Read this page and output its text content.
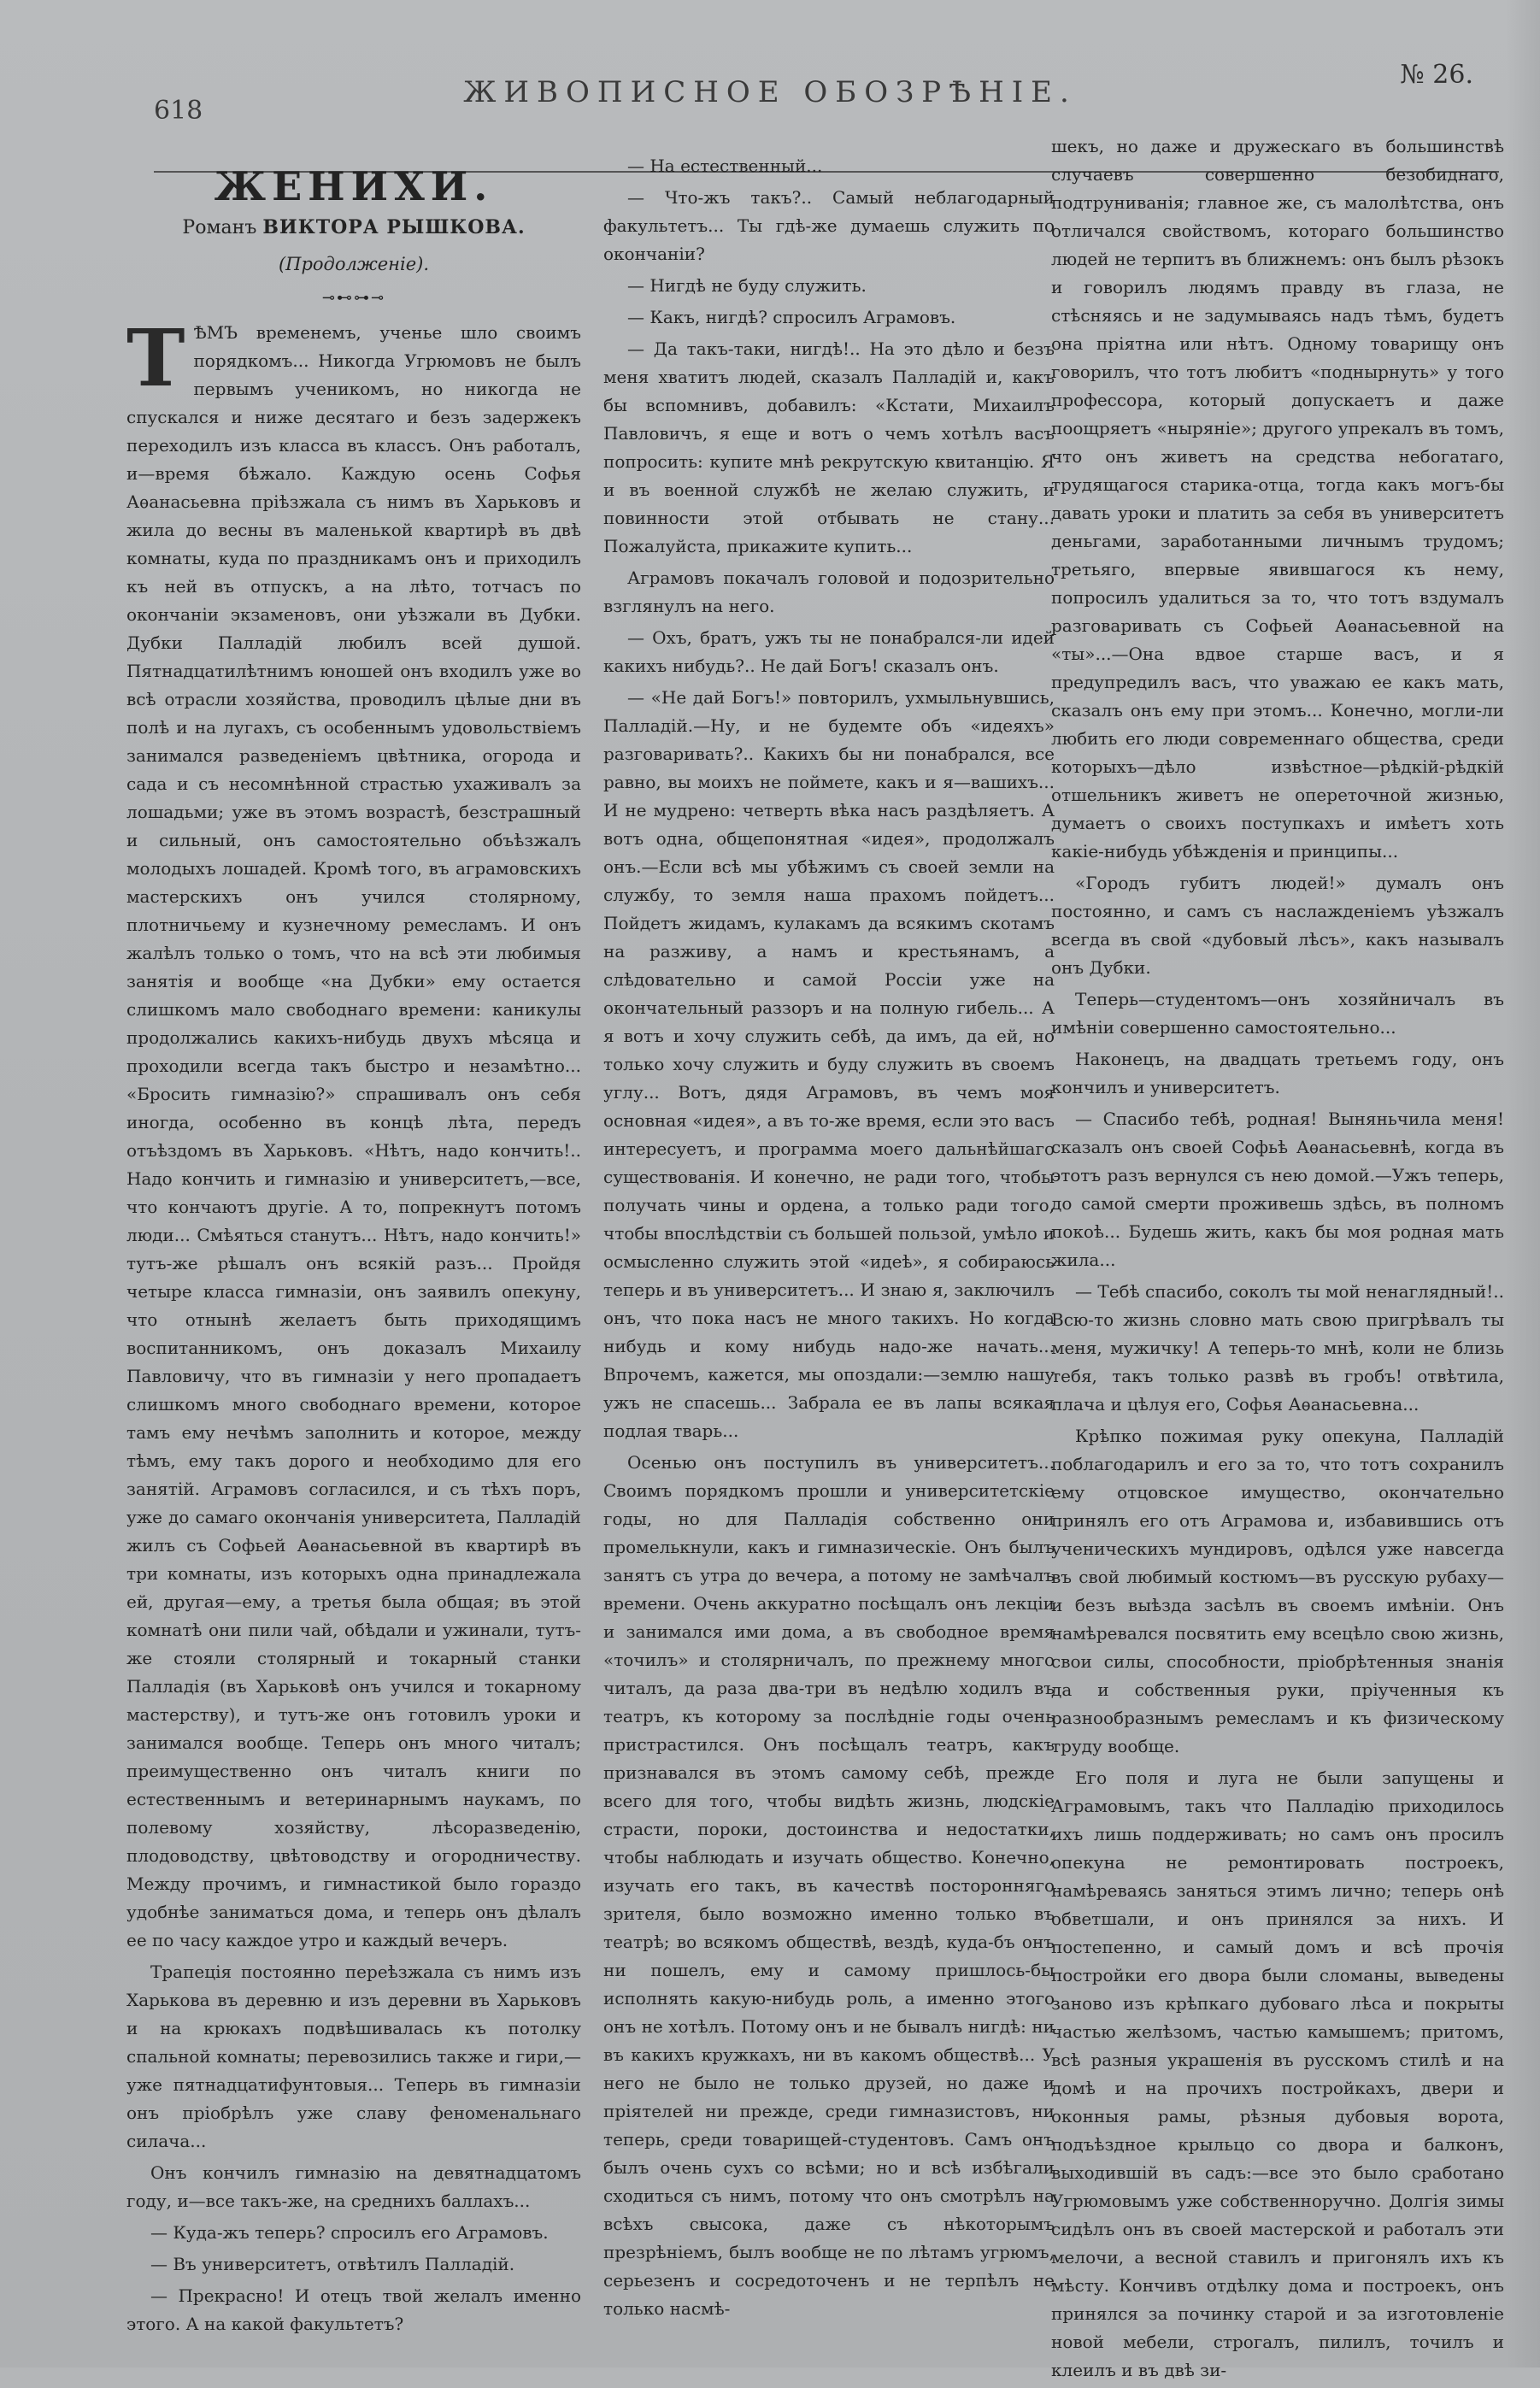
618
ЖИВОПИСНОЕ ОБОЗРѢНIЕ.
№ 26.
ЖЕНИХИ.
Романъ ВИКТОРА РЫШКОВА.
(Продолженіе).
⊸⊷⊶⊸

ТѢМЪ временемъ, ученье шло своимъ порядкомъ... Никогда Угрюмовъ не былъ первымъ ученикомъ, но никогда не спускался и ниже десятаго и безъ задержекъ переходилъ изъ класса въ классъ. Онъ работалъ, и—время бѣжало. Каждую осень Софья Аѳанасьевна пріѣзжала съ нимъ въ Харьковъ и жила до весны въ маленькой квартирѣ въ двѣ комнаты, куда по праздникамъ онъ и приходилъ къ ней въ отпускъ, а на лѣто, тотчасъ по окончаніи экзаменовъ, они уѣзжали въ Дубки. Дубки Палладій любилъ всей душой. Пятнадцатилѣтнимъ юношей онъ входилъ уже во всѣ отрасли хозяйства, проводилъ цѣлые дни въ полѣ и на лугахъ, съ особеннымъ удовольствіемъ занимался разведеніемъ цвѣтника, огорода и сада и съ несомнѣнной страстью ухаживалъ за лошадьми; уже въ этомъ возрастѣ, безстрашный и сильный, онъ самостоятельно объѣзжалъ молодыхъ лошадей. Кромѣ того, въ аграмовскихъ мастерскихъ онъ учился столярному, плотничьему и кузнечному ремесламъ. И онъ жалѣлъ только о томъ, что на всѣ эти любимыя занятія и вообще «на Дубки» ему остается слишкомъ мало свободнаго времени: каникулы продолжались какихъ-нибудь двухъ мѣсяца и проходили всегда такъ быстро и незамѣтно... «Бросить гимназію?» спрашивалъ онъ себя иногда, особенно въ концѣ лѣта, передъ отъѣздомъ въ Харьковъ. «Нѣтъ, надо кончить!.. Надо кончить и гимназію и университетъ,—все, что кончаютъ другіе. А то, попрекнутъ потомъ люди... Смѣяться станутъ... Нѣтъ, надо кончить!» тутъ-же рѣшалъ онъ всякій разъ... Пройдя четыре класса гимназіи, онъ заявилъ опекуну, что отнынѣ желаетъ быть приходящимъ воспитанникомъ, онъ доказалъ Михаилу Павловичу, что въ гимназіи у него пропадаетъ слишкомъ много свободнаго времени, которое тамъ ему нечѣмъ заполнить и которое, между тѣмъ, ему такъ дорого и необходимо для его занятій. Аграмовъ согласился, и съ тѣхъ поръ, уже до самаго окончанія университета, Палладій жилъ съ Софьей Аѳанасьевной въ квартирѣ въ три комнаты, изъ которыхъ одна принадлежала ей, другая—ему, а третья была общая; въ этой комнатѣ они пили чай, обѣдали и ужинали, тутъ-же стояли столярный и токарный станки Палладія (въ Харьковѣ онъ учился и токарному мастерству), и тутъ-же онъ готовилъ уроки и занимался вообще. Теперь онъ много читалъ; преимущественно онъ читалъ книги по естественнымъ и ветеринарнымъ наукамъ, по полевому хозяйству, лѣсоразведенію, плодоводству, цвѣтоводству и огородничеству. Между прочимъ, и гимнастикой было гораздо удобнѣе заниматься дома, и теперь онъ дѣлалъ ее по часу каждое утро и каждый вечеръ.

Трапеція постоянно переѣзжала съ нимъ изъ Харькова въ деревню и изъ деревни въ Харьковъ и на крюкахъ подвѣшивалась къ потолку спальной комнаты; перевозились также и гири,—уже пятнадцатифунтовыя... Теперь въ гимназіи онъ пріобрѣлъ уже славу феноменальнаго силача...

Онъ кончилъ гимназію на девятнадцатомъ году, и—все такъ-же, на среднихъ баллахъ...

— Куда-жъ теперь? спросилъ его Аграмовъ.

— Въ университетъ, отвѣтилъ Палладій.

— Прекрасно! И отецъ твой желалъ именно этого. А на какой факультетъ?

— На естественный...

— Что-жъ такъ?.. Самый неблагодарный факультетъ... Ты гдѣ-же думаешь служить по окончаніи?

— Нигдѣ не буду служить.

— Какъ, нигдѣ? спросилъ Аграмовъ.

— Да такъ-таки, нигдѣ!.. На это дѣло и безъ меня хватитъ людей, сказалъ Палладій и, какъ бы вспомнивъ, добавилъ: «Кстати, Михаилъ Павловичъ, я еще и вотъ о чемъ хотѣлъ васъ попросить: купите мнѣ рекрутскую квитанцію. Я и въ военной службѣ не желаю служить, и повинности этой отбывать не стану... Пожалуйста, прикажите купить...

Аграмовъ покачалъ головой и подозрительно взглянулъ на него.

— Охъ, братъ, ужъ ты не понабрался-ли идей какихъ нибудь?.. Не дай Богъ! сказалъ онъ.

— «Не дай Богъ!» повторилъ, ухмыльнувшись, Палладій.—Ну, и не будемте объ «идеяхъ» разговаривать?.. Какихъ бы ни понабрался, все равно, вы моихъ не поймете, какъ и я—вашихъ... И не мудрено: четверть вѣка насъ раздѣляетъ. А вотъ одна, общепонятная «идея», продолжалъ онъ.—Если всѣ мы убѣжимъ съ своей земли на службу, то земля наша прахомъ пойдетъ... Пойдетъ жидамъ, кулакамъ да всякимъ скотамъ на разживу, а намъ и крестьянамъ, а слѣдовательно и самой Россіи уже на окончательный раззоръ и на полную гибель... А я вотъ и хочу служить себѣ, да имъ, да ей, но только хочу служить и буду служить въ своемъ углу... Вотъ, дядя Аграмовъ, въ чемъ моя основная «идея», а въ то-же время, если это васъ интересуетъ, и программа моего дальнѣйшаго существованія. И конечно, не ради того, чтобы получать чины и ордена, а только ради того, чтобы впослѣдствіи съ большей пользой, умѣло и осмысленно служить этой «идеѣ», я собираюсь теперь и въ университетъ... И знаю я, заключилъ онъ, что пока насъ не много такихъ. Но когда нибудь и кому нибудь надо-же начать... Впрочемъ, кажется, мы опоздали:—землю нашу ужъ не спасешь... Забрала ее въ лапы всякая подлая тварь...

Осенью онъ поступилъ въ университетъ... Своимъ порядкомъ прошли и университетскіе годы, но для Палладія собственно они промелькнули, какъ и гимназическіе. Онъ былъ занятъ съ утра до вечера, а потому не замѣчалъ времени. Очень аккуратно посѣщалъ онъ лекціи и занимался ими дома, а въ свободное время «точилъ» и столярничалъ, по прежнему много читалъ, да раза два-три въ недѣлю ходилъ въ театръ, къ которому за послѣдніе годы очень пристрастился. Онъ посѣщалъ театръ, какъ признавался въ этомъ самому себѣ, прежде всего для того, чтобы видѣть жизнь, людскіе страсти, пороки, достоинства и недостатки, чтобы наблюдать и изучать общество. Конечно, изучать его такъ, въ качествѣ посторонняго зрителя, было возможно именно только въ театрѣ; во всякомъ обществѣ, вездѣ, куда-бъ онъ ни пошелъ, ему и самому пришлось-бы исполнять какую-нибудь роль, а именно этого онъ не хотѣлъ. Потому онъ и не бывалъ нигдѣ: ни въ какихъ кружкахъ, ни въ какомъ обществѣ... У него не было не только друзей, но даже и пріятелей ни прежде, среди гимназистовъ, ни теперь, среди товарищей-студентовъ. Самъ онъ былъ очень сухъ со всѣми; но и всѣ избѣгали сходиться съ нимъ, потому что онъ смотрѣлъ на всѣхъ свысока, даже съ нѣкоторымъ презрѣніемъ, былъ вообще не по лѣтамъ угрюмъ, серьезенъ и сосредоточенъ и не терпѣлъ не только насмѣ-

шекъ, но даже и дружескаго въ большинствѣ случаевъ совершенно безобиднаго, подтруниванія; главное же, съ малолѣтства, онъ отличался свойствомъ, котораго большинство людей не терпитъ въ ближнемъ: онъ былъ рѣзокъ и говорилъ людямъ правду въ глаза, не стѣсняясь и не задумываясь надъ тѣмъ, будетъ она пріятна или нѣтъ. Одному товарищу онъ говорилъ, что тотъ любитъ «поднырнуть» у того профессора, который допускаетъ и даже поощряетъ «ныряніе»; другого упрекалъ въ томъ, что онъ живетъ на средства небогатаго, трудящагося старика-отца, тогда какъ могъ-бы давать уроки и платить за себя въ университетъ деньгами, заработанными личнымъ трудомъ; третьяго, впервые явившагося къ нему, попросилъ удалиться за то, что тотъ вздумалъ разговаривать съ Софьей Аѳанасьевной на «ты»...—Она вдвое старше васъ, и я предупредилъ васъ, что уважаю ее какъ мать, сказалъ онъ ему при этомъ... Конечно, могли-ли любить его люди современнаго общества, среди которыхъ—дѣло извѣстное—рѣдкій-рѣдкій отшельникъ живетъ не опереточной жизнью, думаетъ о своихъ поступкахъ и имѣетъ хоть какіе-нибудь убѣжденія и принципы...

«Городъ губитъ людей!» думалъ онъ постоянно, и самъ съ наслажденіемъ уѣзжалъ всегда въ свой «дубовый лѣсъ», какъ называлъ онъ Дубки.

Теперь—студентомъ—онъ хозяйничалъ въ имѣніи совершенно самостоятельно...

Наконецъ, на двадцать третьемъ году, онъ кончилъ и университетъ.

— Спасибо тебѣ, родная! Выняньчила меня! сказалъ онъ своей Софьѣ Аѳанасьевнѣ, когда въ этотъ разъ вернулся съ нею домой.—Ужъ теперь, до самой смерти проживешь здѣсь, въ полномъ покоѣ... Будешь жить, какъ бы моя родная мать жила...

— Тебѣ спасибо, соколъ ты мой ненаглядный!.. Всю-то жизнь словно мать свою пригрѣвалъ ты меня, мужичку! А теперь-то мнѣ, коли не близь тебя, такъ только развѣ въ гробъ! отвѣтила, плача и цѣлуя его, Софья Аѳанасьевна...

Крѣпко пожимая руку опекуна, Палладій поблагодарилъ и его за то, что тотъ сохранилъ ему отцовское имущество, окончательно принялъ его отъ Аграмова и, избавившись отъ ученическихъ мундировъ, одѣлся уже навсегда въ свой любимый костюмъ—въ русскую рубаху—и безъ выѣзда засѣлъ въ своемъ имѣніи. Онъ намѣревался посвятить ему всецѣло свою жизнь, свои силы, способности, пріобрѣтенныя знанія да и собственныя руки, пріученныя къ разнообразнымъ ремесламъ и къ физическому труду вообще.

Его поля и луга не были запущены и Аграмовымъ, такъ что Палладію приходилось ихъ лишь поддерживать; но самъ онъ просилъ опекуна не ремонтировать построекъ, намѣреваясь заняться этимъ лично; теперь онѣ обветшали, и онъ принялся за нихъ. И постепенно, и самый домъ и всѣ прочія постройки его двора были сломаны, выведены заново изъ крѣпкаго дубоваго лѣса и покрыты частью желѣзомъ, частью камышемъ; притомъ, всѣ разныя украшенія въ русскомъ стилѣ и на домѣ и на прочихъ постройкахъ, двери и оконныя рамы, рѣзныя дубовыя ворота, подъѣздное крыльцо со двора и балконъ, выходившій въ садъ:—все это было сработано Угрюмовымъ уже собственноручно. Долгія зимы сидѣлъ онъ въ своей мастерской и работалъ эти мелочи, а весной ставилъ и пригонялъ ихъ къ мѣсту. Кончивъ отдѣлку дома и построекъ, онъ принялся за починку старой и за изготовленіе новой мебели, строгалъ, пилилъ, точилъ и клеилъ и въ двѣ зи-
